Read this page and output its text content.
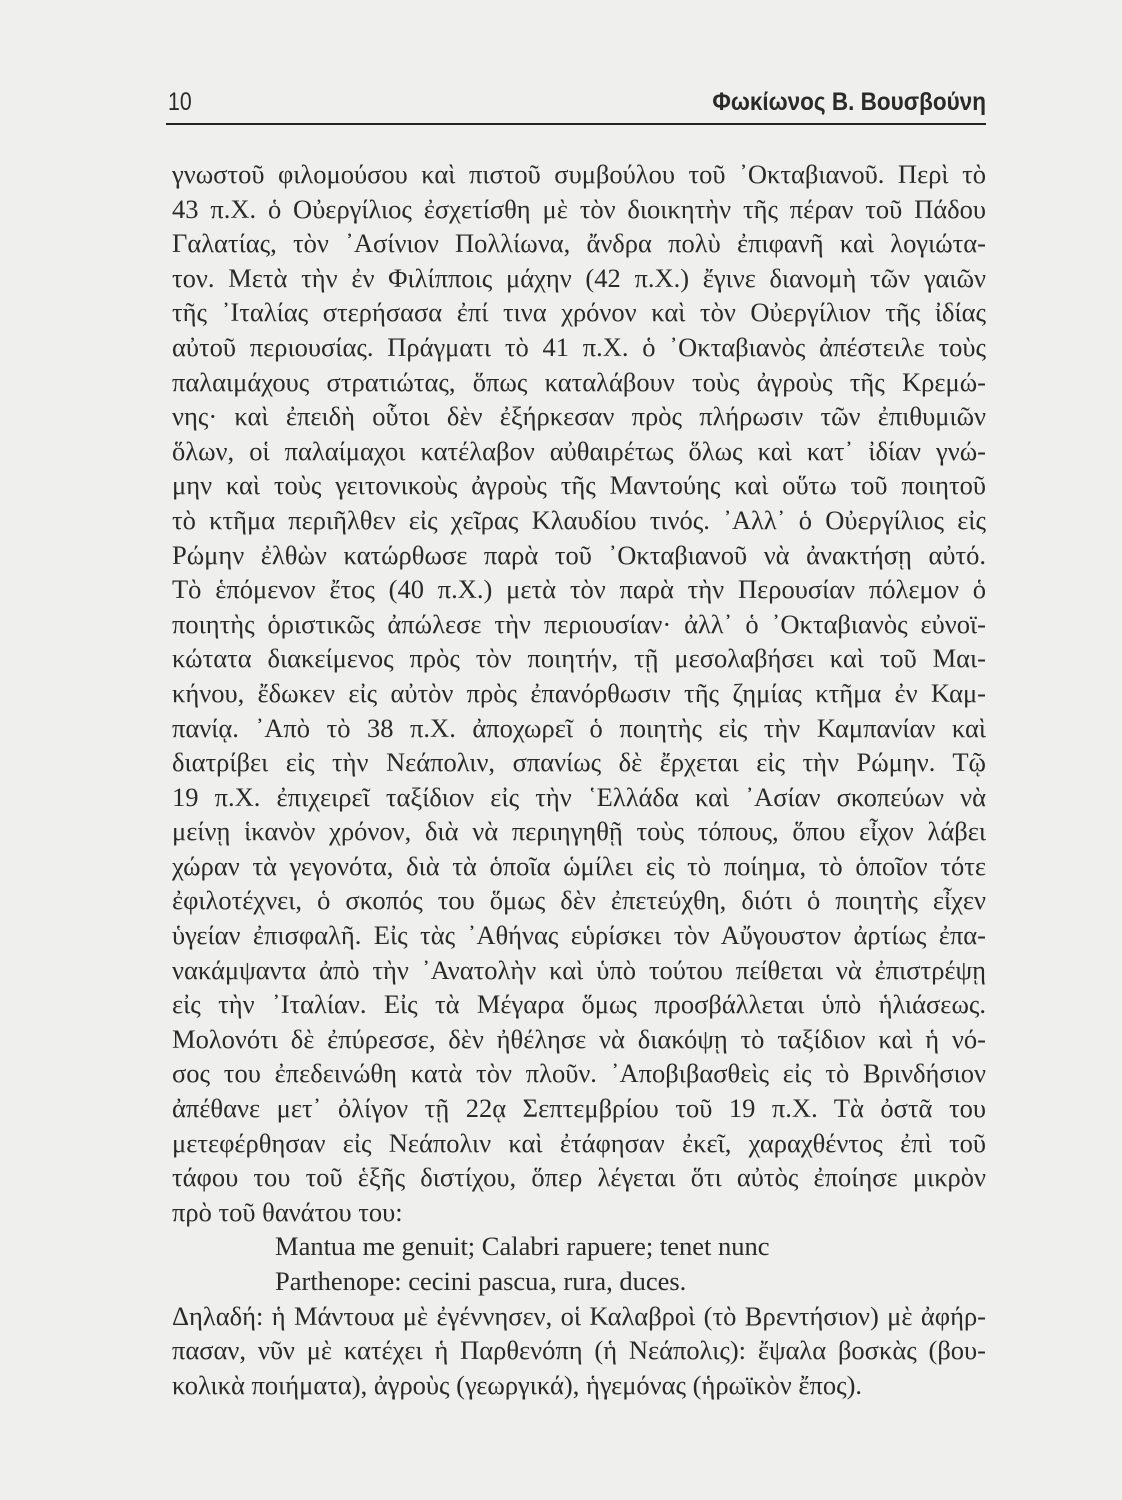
10	Φωκίωνος Β. Βουσβούνη
γνωστοῦ φιλομούσου καὶ πιστοῦ συμβούλου τοῦ ᾿Οκταβιανοῦ. Περὶ τὸ
43 π.Χ. ὁ Οὐεργίλιος ἐσχετίσθη μὲ τὸν διοικητὴν τῆς πέραν τοῦ Πάδου
Γαλατίας, τὸν ᾿Ασίνιον Πολλίωνα, ἄνδρα πολὺ ἐπιφανῆ καὶ λογιώτα-
τον. Μετὰ τὴν ἐν Φιλίπποις μάχην (42 π.Χ.) ἔγινε διανομὴ τῶν γαιῶν
τῆς ᾿Ιταλίας στερήσασα ἐπί τινα χρόνον καὶ τὸν Οὐεργίλιον τῆς ἰδίας
αὐτοῦ περιουσίας. Πράγματι τὸ 41 π.Χ. ὁ ᾿Οκταβιανὸς ἀπέστειλε τοὺς
παλαιμάχους στρατιώτας, ὅπως καταλάβουν τοὺς ἀγροὺς τῆς Κρεμώ-
νης· καὶ ἐπειδὴ οὗτοι δὲν ἐξήρκεσαν πρὸς πλήρωσιν τῶν ἐπιθυμιῶν
ὅλων, οἱ παλαίμαχοι κατέλαβον αὐθαιρέτως ὅλως καὶ κατ᾿ ἰδίαν γνώ-
μην καὶ τοὺς γειτονικοὺς ἀγροὺς τῆς Μαντούης καὶ οὕτω τοῦ ποιητοῦ
τὸ κτῆμα περιῆλθεν εἰς χεῖρας Κλαυδίου τινός. ᾿Αλλ᾿ ὁ Οὐεργίλιος εἰς
Ρώμην ἐλθὼν κατώρθωσε παρὰ τοῦ ᾿Οκταβιανοῦ νὰ ἀνακτήσῃ αὐτό.
Τὸ ἑπόμενον ἔτος (40 π.Χ.) μετὰ τὸν παρὰ τὴν Περουσίαν πόλεμον ὁ
ποιητὴς ὁριστικῶς ἀπώλεσε τὴν περιουσίαν· ἀλλ᾿ ὁ ᾿Οκταβιανὸς εὐνοϊ-
κώτατα διακείμενος πρὸς τὸν ποιητήν, τῇ μεσολαβήσει καὶ τοῦ Μαι-
κήνου, ἔδωκεν εἰς αὐτὸν πρὸς ἐπανόρθωσιν τῆς ζημίας κτῆμα ἐν Καμ-
πανίᾳ. ᾿Απὸ τὸ 38 π.Χ. ἀποχωρεῖ ὁ ποιητὴς εἰς τὴν Καμπανίαν καὶ
διατρίβει εἰς τὴν Νεάπολιν, σπανίως δὲ ἔρχεται εἰς τὴν Ρώμην. Τῷ
19 π.Χ. ἐπιχειρεῖ ταξίδιον εἰς τὴν ῾Ελλάδα καὶ ᾿Ασίαν σκοπεύων νὰ
μείνῃ ἱκανὸν χρόνον, διὰ νὰ περιηγηθῇ τοὺς τόπους, ὅπου εἶχον λάβει
χώραν τὰ γεγονότα, διὰ τὰ ὁποῖα ὡμίλει εἰς τὸ ποίημα, τὸ ὁποῖον τότε
ἐφιλοτέχνει, ὁ σκοπός του ὅμως δὲν ἐπετεύχθη, διότι ὁ ποιητὴς εἶχεν
ὑγείαν ἐπισφαλῆ. Εἰς τὰς ᾿Αθήνας εὑρίσκει τὸν Αὔγουστον ἀρτίως ἐπα-
νακάμψαντα ἀπὸ τὴν ᾿Ανατολὴν καὶ ὑπὸ τούτου πείθεται νὰ ἐπιστρέψῃ
εἰς τὴν ᾿Ιταλίαν. Εἰς τὰ Μέγαρα ὅμως προσβάλλεται ὑπὸ ἡλιάσεως.
Μολονότι δὲ ἐπύρεσσε, δὲν ἠθέλησε νὰ διακόψῃ τὸ ταξίδιον καὶ ἡ νό-
σος του ἐπεδεινώθη κατὰ τὸν πλοῦν. ᾿Αποβιβασθεὶς εἰς τὸ Βρινδήσιον
ἀπέθανε μετ᾿ ὀλίγον τῇ 22ᾳ Σεπτεμβρίου τοῦ 19 π.Χ. Τὰ ὀστᾶ του
μετεφέρθησαν εἰς Νεάπολιν καὶ ἐτάφησαν ἐκεῖ, χαραχθέντος ἐπὶ τοῦ
τάφου του τοῦ ἑξῆς διστίχου, ὅπερ λέγεται ὅτι αὐτὸς ἐποίησε μικρὸν
πρὸ τοῦ θανάτου του:
Mantua me genuit; Calabri rapuere; tenet nunc
Parthenope: cecini pascua, rura, duces.
Δηλαδή: ἡ Μάντουα μὲ ἐγέννησεν, οἱ Καλαβροὶ (τὸ Βρεντήσιον) μὲ ἀφήρ-
πασαν, νῦν μὲ κατέχει ἡ Παρθενόπη (ἡ Νεάπολις): ἔψαλα βοσκὰς (βου-
κολικὰ ποιήματα), ἀγροὺς (γεωργικά), ἡγεμόνας (ἡρωϊκὸν ἔπος).
